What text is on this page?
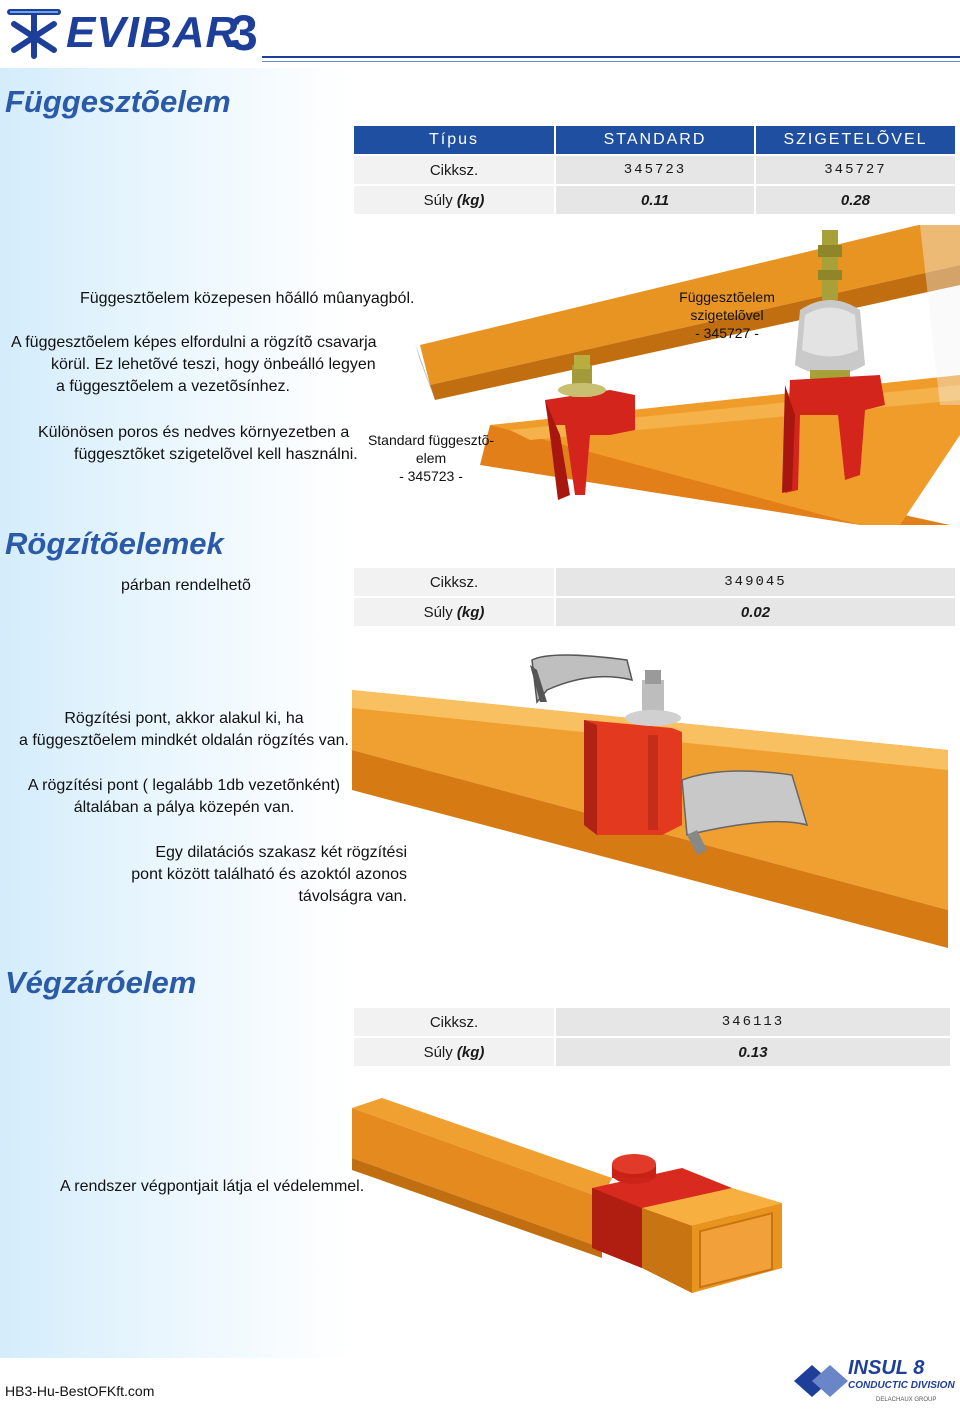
EVIBAR
3
Függesztõelem
Típus	STANDARD	SZIGETELÕVEL
Cikksz.	345723	345727
Súly (kg)	0.11	0.28
Függesztõelem közepesen hõálló mûanyagból.
A függesztõelem képes elfordulni a rögzítõ csavarja
körül. Ez lehetõvé teszi, hogy önbeálló legyen
a függesztõelem a vezetõsínhez.
Különösen poros és nedves környezetben a
függesztõket szigetelõvel kell használni.
Függesztõelem
szigetelõvel
- 345727 -
Standard függesztõ-
elem
- 345723 -
Rögzítõelemek
párban rendelhetõ	Cikksz.	349045
Súly (kg)	0.02
Rögzítési pont, akkor alakul ki, ha
a függesztõelem mindkét oldalán rögzítés van.
A rögzítési pont ( legalább 1db vezetõnként)
általában a pálya közepén van.
Egy dilatációs szakasz két rögzítési
pont között található és azoktól azonos
távolságra van.
Végzáróelem
Cikksz.	346113
Súly (kg)	0.13
A rendszer végpontjait látja el védelemmel.
HB3-Hu-BestOFKft.com
INSUL 8
CONDUCTIC DIVISION
DELACHAUX GROUP
